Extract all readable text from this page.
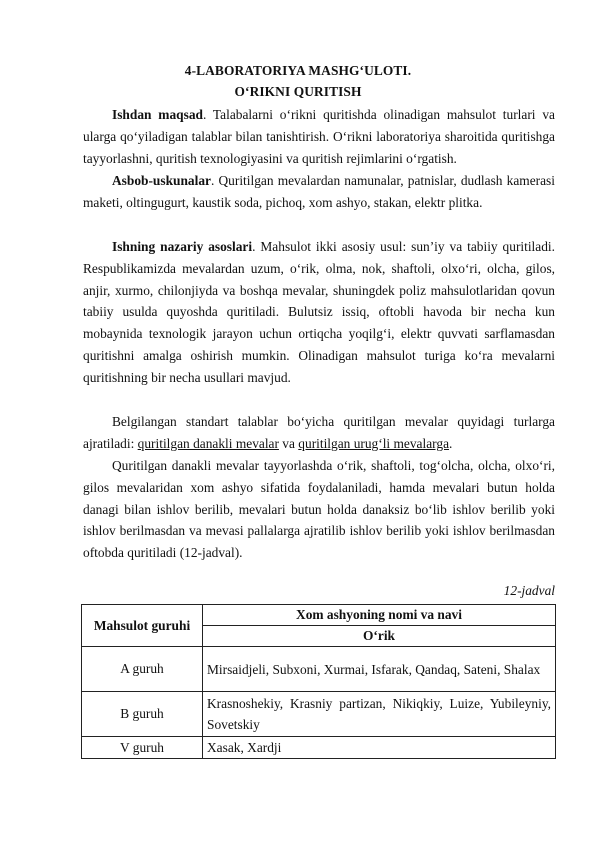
4-LABORATORIYA MASHG‘ULOTI.
O‘RIKNI QURITISH
Ishdan maqsad. Talabalarni o‘rikni quritishda olinadigan mahsulot turlari va ularga qo‘yiladigan talablar bilan tanishtirish. O‘rikni laboratoriya sharoitida quritishga tayyorlashni, quritish texnologiyasini va quritish rejimlarini o‘rgatish.
Asbob-uskunalar. Quritilgan mevalardan namunalar, patnislar, dudlash kamerasi maketi, oltingugurt, kaustik soda, pichoq, xom ashyo, stakan, elektr plitka.
Ishning nazariy asoslari. Mahsulot ikki asosiy usul: sun’iy va tabiiy quritiladi. Respublikamizda mevalardan uzum, o‘rik, olma, nok, shaftoli, olxo‘ri, olcha, gilos, anjir, xurmo, chilonjiyda va boshqa mevalar, shuningdek poliz mahsulotlaridan qovun tabiiy usulda quyoshda quritiladi. Bulutsiz issiq, oftobli havoda bir necha kun mobaynida texnologik jarayon uchun ortiqcha yoqilg‘i, elektr quvvati sarflamasdan quritishni amalga oshirish mumkin. Olinadigan mahsulot turiga ko‘ra mevalarni quritishning bir necha usullari mavjud.
Belgilangan standart talablar bo‘yicha quritilgan mevalar quyidagi turlarga ajratiladi: quritilgan danakli mevalar va quritilgan urug‘li mevalarga.
Quritilgan danakli mevalar tayyorlashda o‘rik, shaftoli, tog‘olcha, olcha, olxo‘ri, gilos mevalaridan xom ashyo sifatida foydalaniladi, hamda mevalari butun holda danagi bilan ishlov berilib, mevalari butun holda danaksiz bo‘lib ishlov berilib yoki ishlov berilmasdan va mevasi pallalarga ajratilib ishlov berilib yoki ishlov berilmasdan oftobda quritiladi (12-jadval).
12-jadval
Mahsulot guruhi	Xom ashyoning nomi va navi
	O‘rik
A guruh	Mirsaidjeli, Subxoni, Xurmai, Isfarak, Qandaq, Sateni, Shalax
B guruh	Krasnoshekiy, Krasniy partizan, Nikiqkiy, Luize, Yubileyniy, Sovetskiy
V guruh	Xasak, Xardji
